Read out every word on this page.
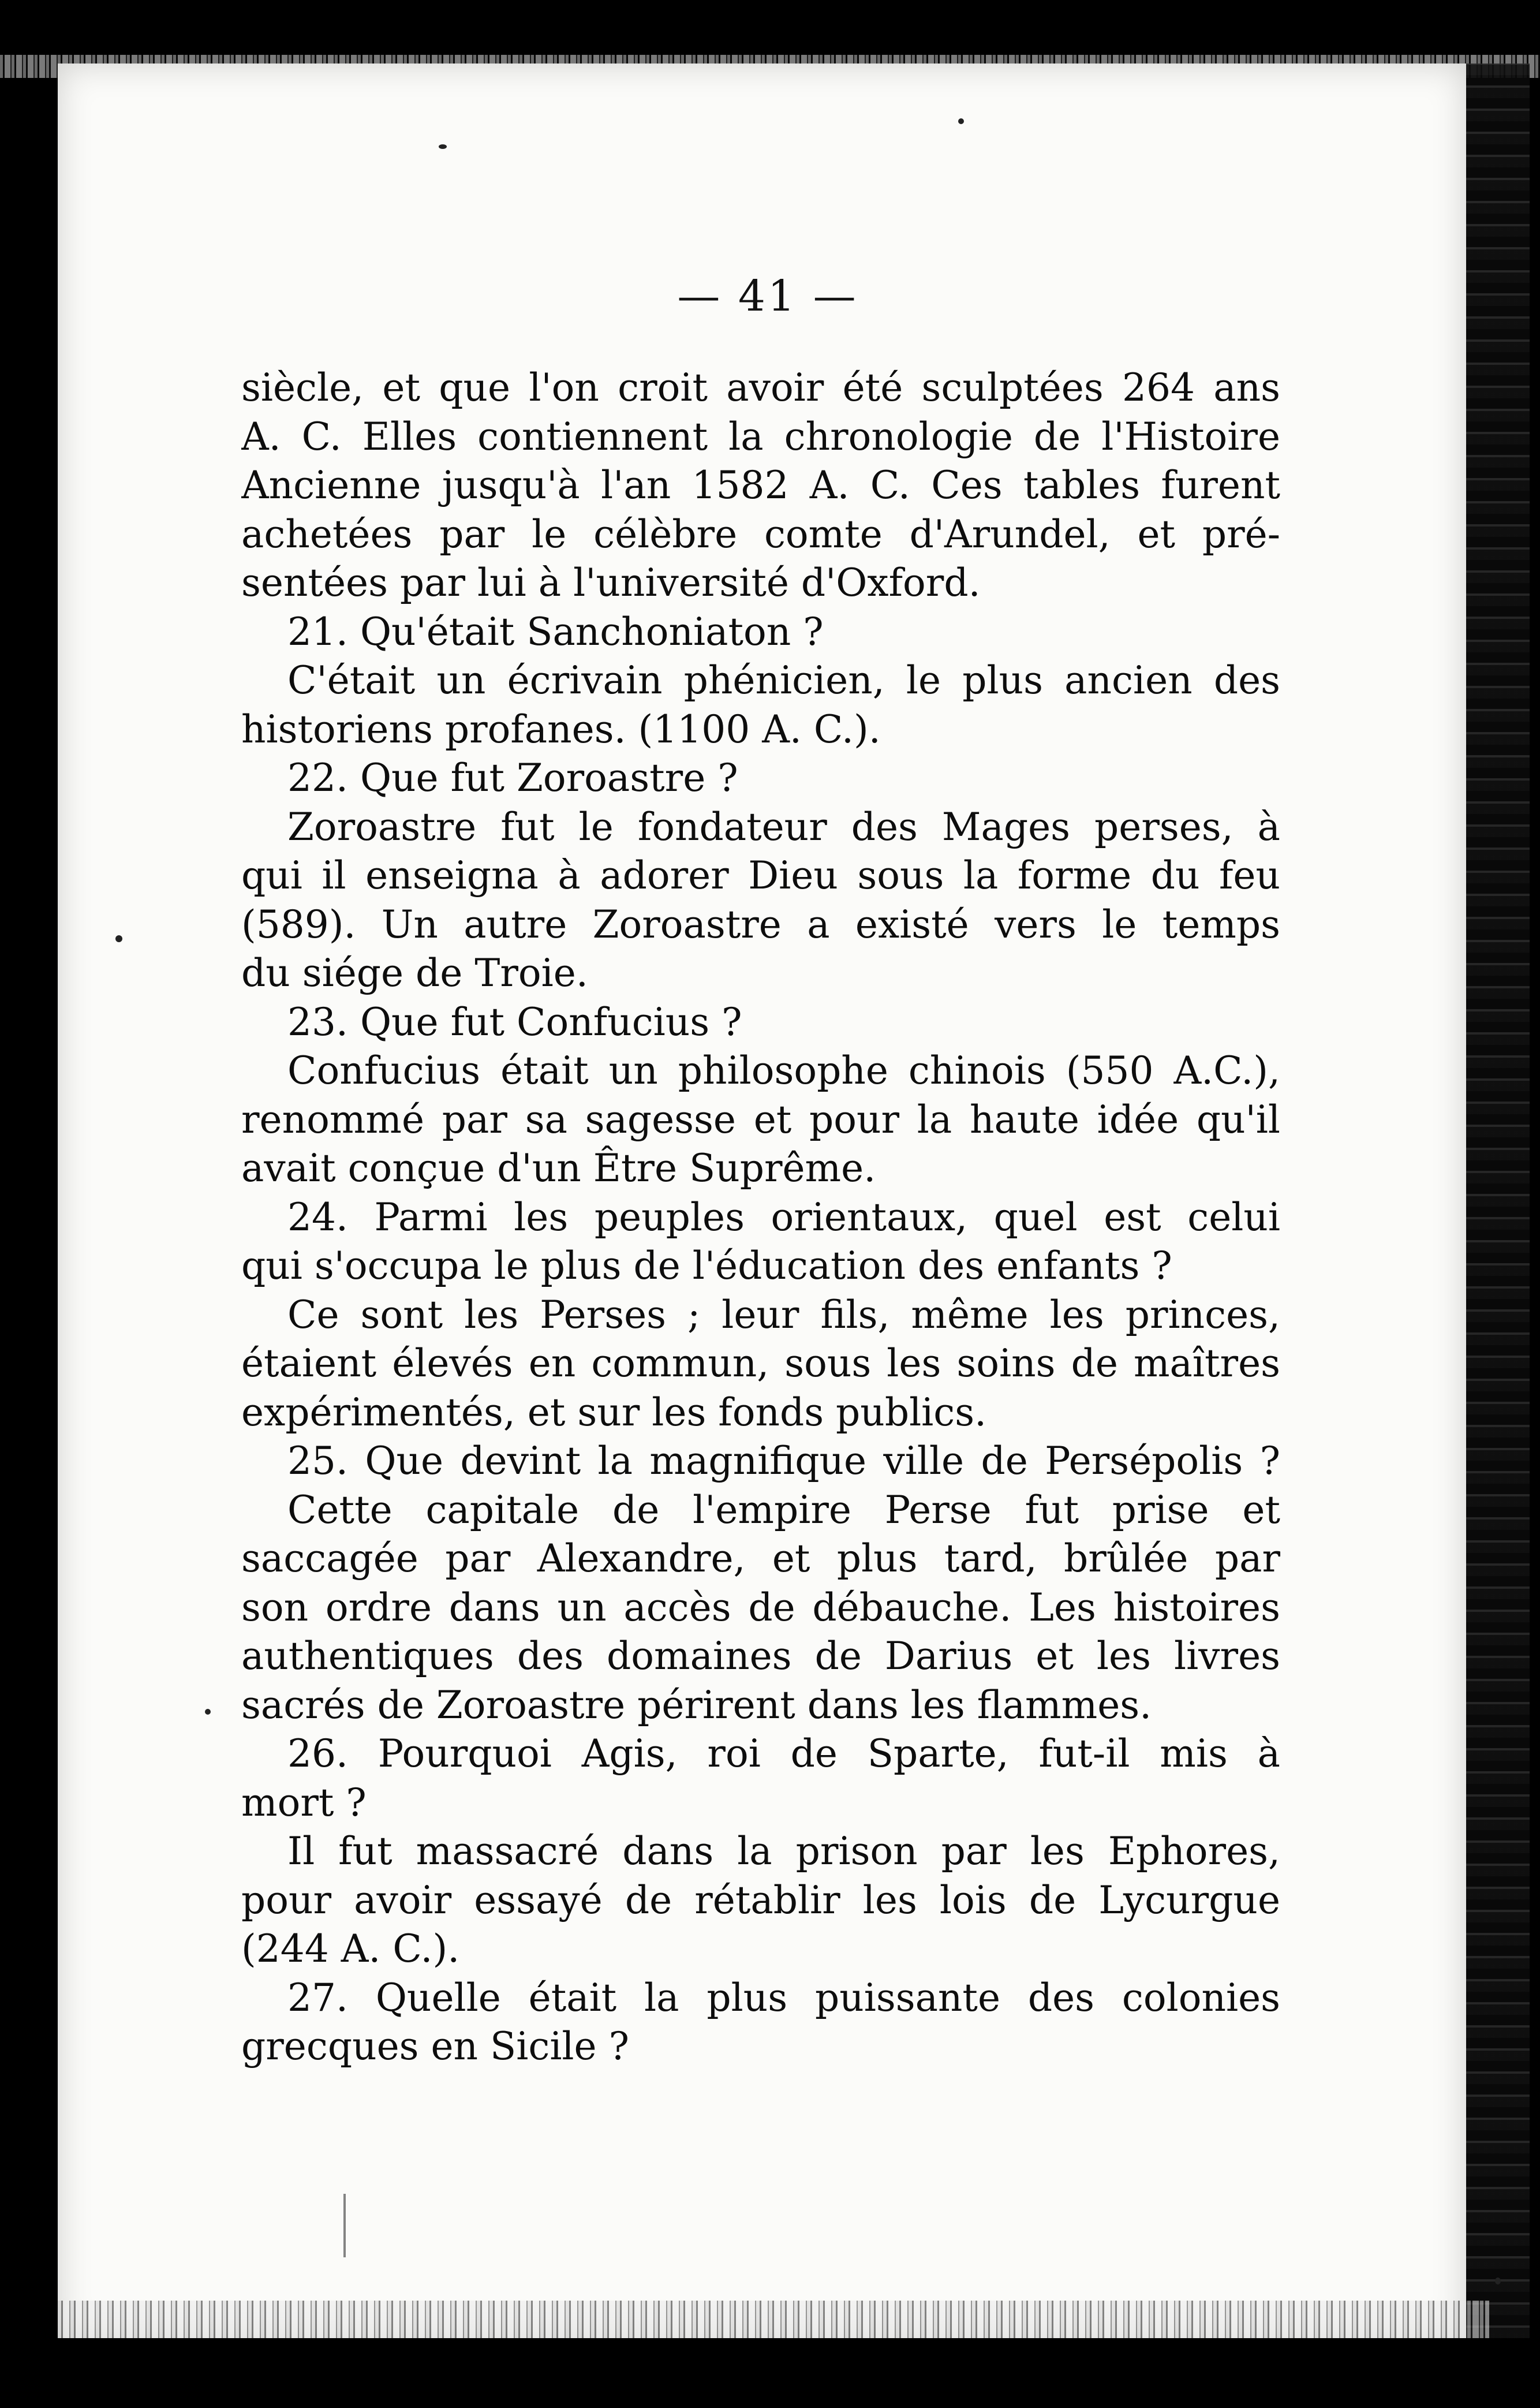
— 41 —
siècle, et que l'on croit avoir été sculptées 264 ans
A. C. Elles contiennent la chronologie de l'Histoire
Ancienne jusqu'à l'an 1582 A. C. Ces tables furent
achetées par le célèbre comte d'Arundel, et pré-
sentées par lui à l'université d'Oxford.
21. Qu'était Sanchoniaton ?
C'était un écrivain phénicien, le plus ancien des
historiens profanes. (1100 A. C.).
22. Que fut Zoroastre ?
Zoroastre fut le fondateur des Mages perses, à
qui il enseigna à adorer Dieu sous la forme du feu
(589). Un autre Zoroastre a existé vers le temps
du siége de Troie.
23. Que fut Confucius ?
Confucius était un philosophe chinois (550 A.C.),
renommé par sa sagesse et pour la haute idée qu'il
avait conçue d'un Être Suprême.
24. Parmi les peuples orientaux, quel est celui
qui s'occupa le plus de l'éducation des enfants ?
Ce sont les Perses ; leur fils, même les princes,
étaient élevés en commun, sous les soins de maîtres
expérimentés, et sur les fonds publics.
25. Que devint la magnifique ville de Persépolis ?
Cette capitale de l'empire Perse fut prise et
saccagée par Alexandre, et plus tard, brûlée par
son ordre dans un accès de débauche. Les histoires
authentiques des domaines de Darius et les livres
sacrés de Zoroastre périrent dans les flammes.
26. Pourquoi Agis, roi de Sparte, fut-il mis à
mort ?
Il fut massacré dans la prison par les Ephores,
pour avoir essayé de rétablir les lois de Lycurgue
(244 A. C.).
27. Quelle était la plus puissante des colonies
grecques en Sicile ?
